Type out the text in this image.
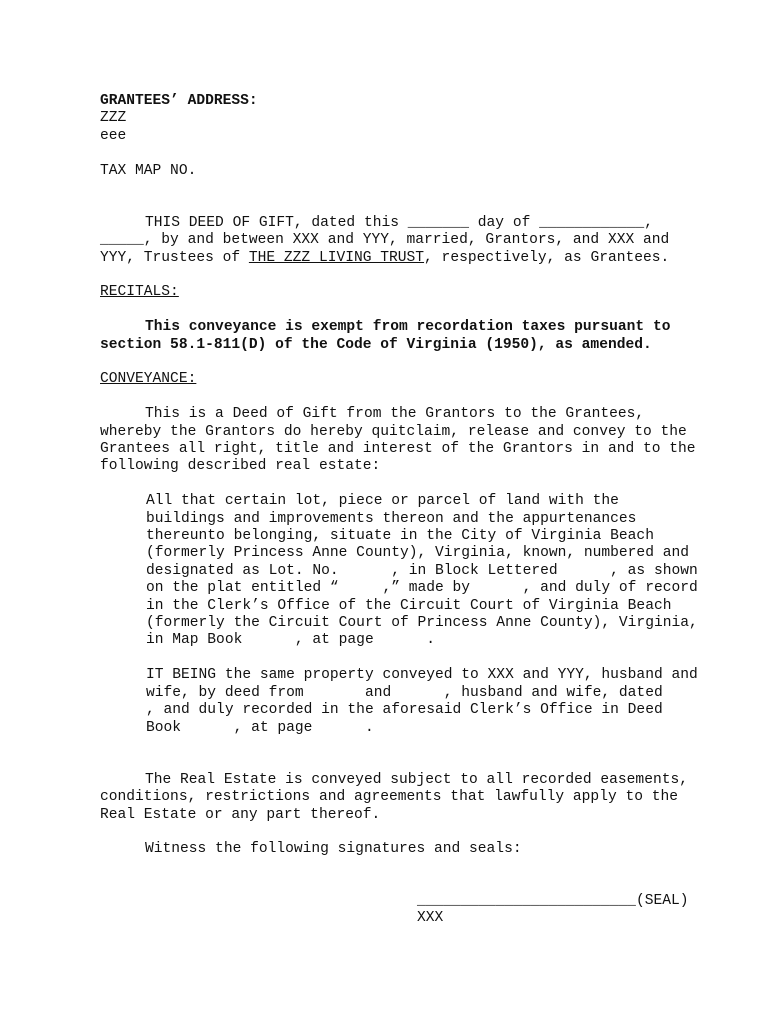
GRANTEES’ ADDRESS:

ZZZ

eee

TAX MAP NO.

THIS DEED OF GIFT, dated this _______ day of ____________, _____, by and between XXX and YYY, married, Grantors, and XXX and YYY, Trustees of THE ZZZ LIVING TRUST, respectively, as Grantees.

RECITALS:

This conveyance is exempt from recordation taxes pursuant to section 58.1-811(D) of the Code of Virginia (1950), as amended.

CONVEYANCE:

This is a Deed of Gift from the Grantors to the Grantees, whereby the Grantors do hereby quitclaim, release and convey to the Grantees all right, title and interest of the Grantors in and to the following described real estate:

All that certain lot, piece or parcel of land with the buildings and improvements thereon and the appurtenances thereunto belonging, situate in the City of Virginia Beach (formerly Princess Anne County), Virginia, known, numbered and designated as Lot. No.      , in Block Lettered      , as shown on the plat entitled “     ,” made by      , and duly of record in the Clerk’s Office of the Circuit Court of Virginia Beach (formerly the Circuit Court of Princess Anne County), Virginia, in Map Book      , at page      .

IT BEING the same property conveyed to XXX and YYY, husband and wife, by deed from       and      , husband and wife, dated      , and duly recorded in the aforesaid Clerk’s Office in Deed Book      , at page      .

The Real Estate is conveyed subject to all recorded easements, conditions, restrictions and agreements that lawfully apply to the Real Estate or any part thereof.

Witness the following signatures and seals:

_________________________(SEAL)

XXX
